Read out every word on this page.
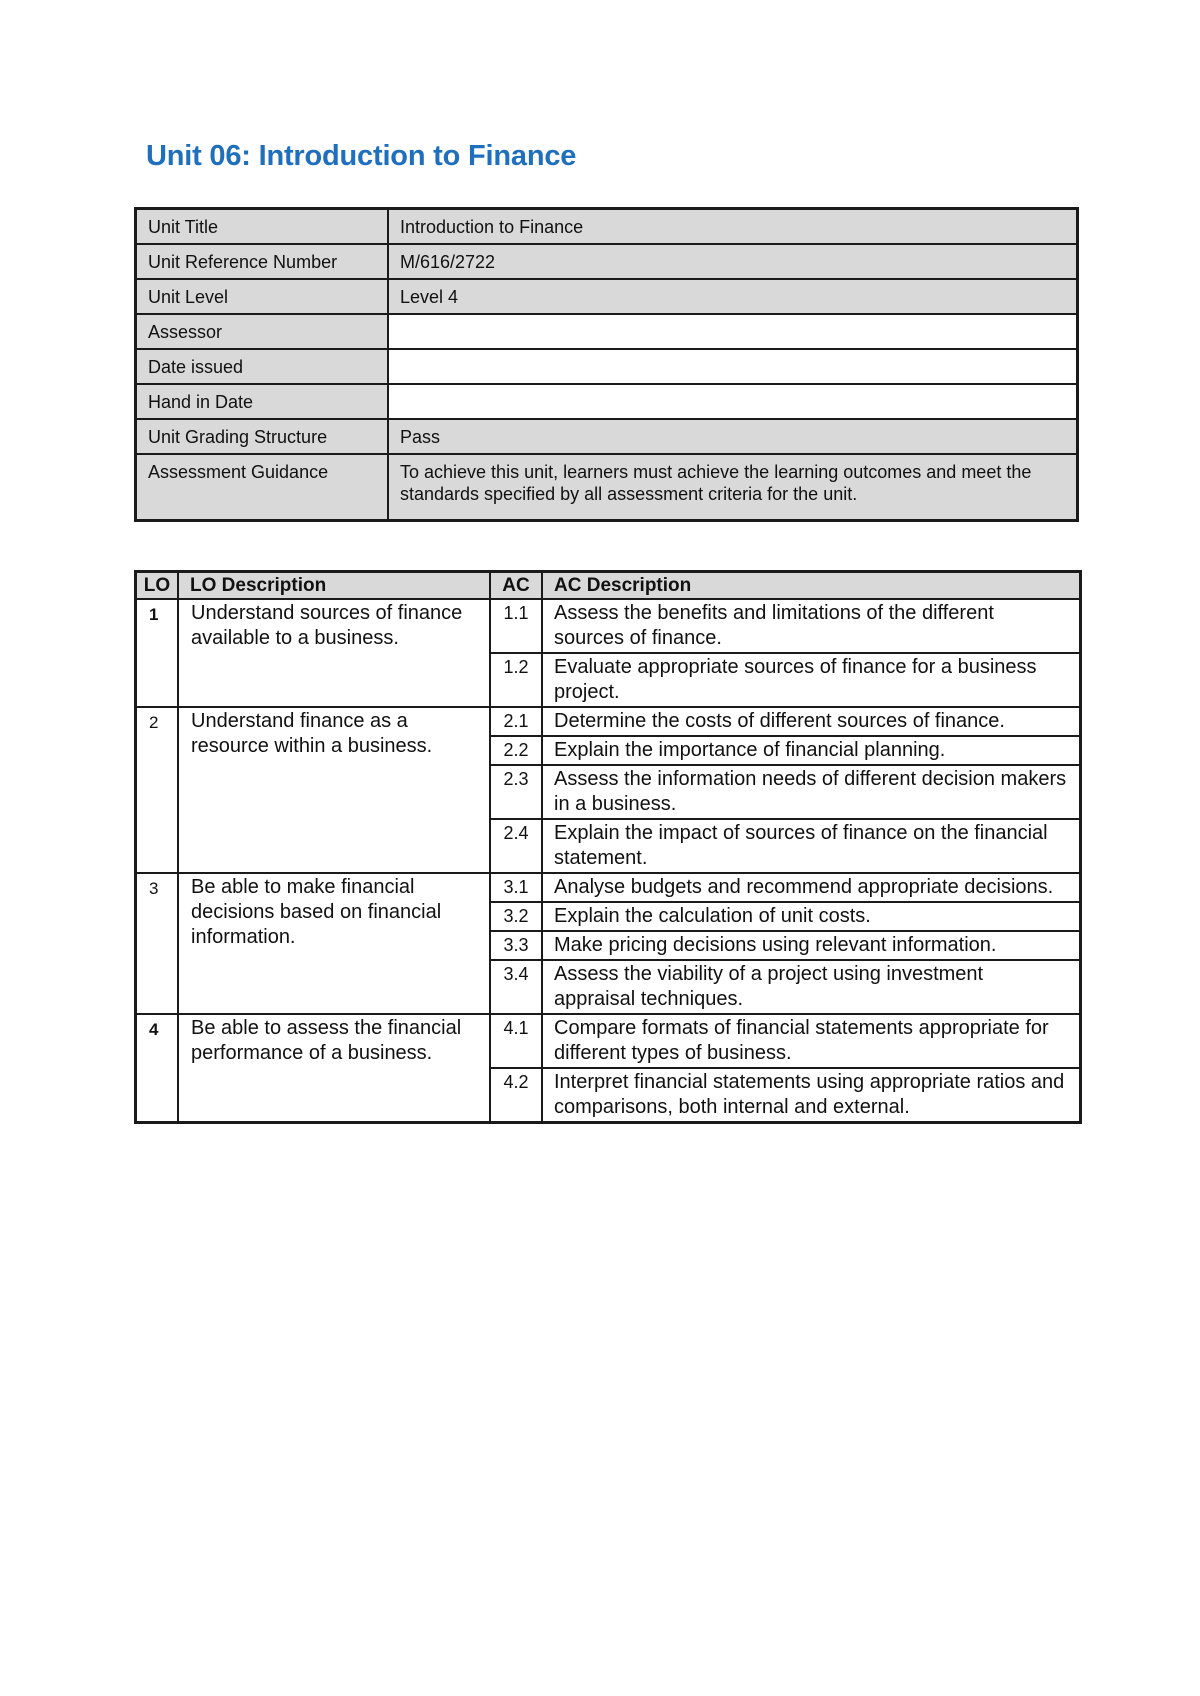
Unit 06: Introduction to Finance
Unit Title	Introduction to Finance
Unit Reference Number	M/616/2722
Unit Level	Level 4
Assessor	
Date issued	
Hand in Date	
Unit Grading Structure	Pass
Assessment Guidance	To achieve this unit, learners must achieve the learning outcomes and meet the standards specified by all assessment criteria for the unit.
LO	LO Description	AC	AC Description
1	Understand sources of finance available to a business.	1.1	Assess the benefits and limitations of the different sources of finance.
		1.2	Evaluate appropriate sources of finance for a business project.
2	Understand finance as a resource within a business.	2.1	Determine the costs of different sources of finance.
		2.2	Explain the importance of financial planning.
		2.3	Assess the information needs of different decision makers in a business.
		2.4	Explain the impact of sources of finance on the financial statement.
3	Be able to make financial decisions based on financial information.	3.1	Analyse budgets and recommend appropriate decisions.
		3.2	Explain the calculation of unit costs.
		3.3	Make pricing decisions using relevant information.
		3.4	Assess the viability of a project using investment appraisal techniques.
4	Be able to assess the financial performance of a business.	4.1	Compare formats of financial statements appropriate for different types of business.
		4.2	Interpret financial statements using appropriate ratios and comparisons, both internal and external.
